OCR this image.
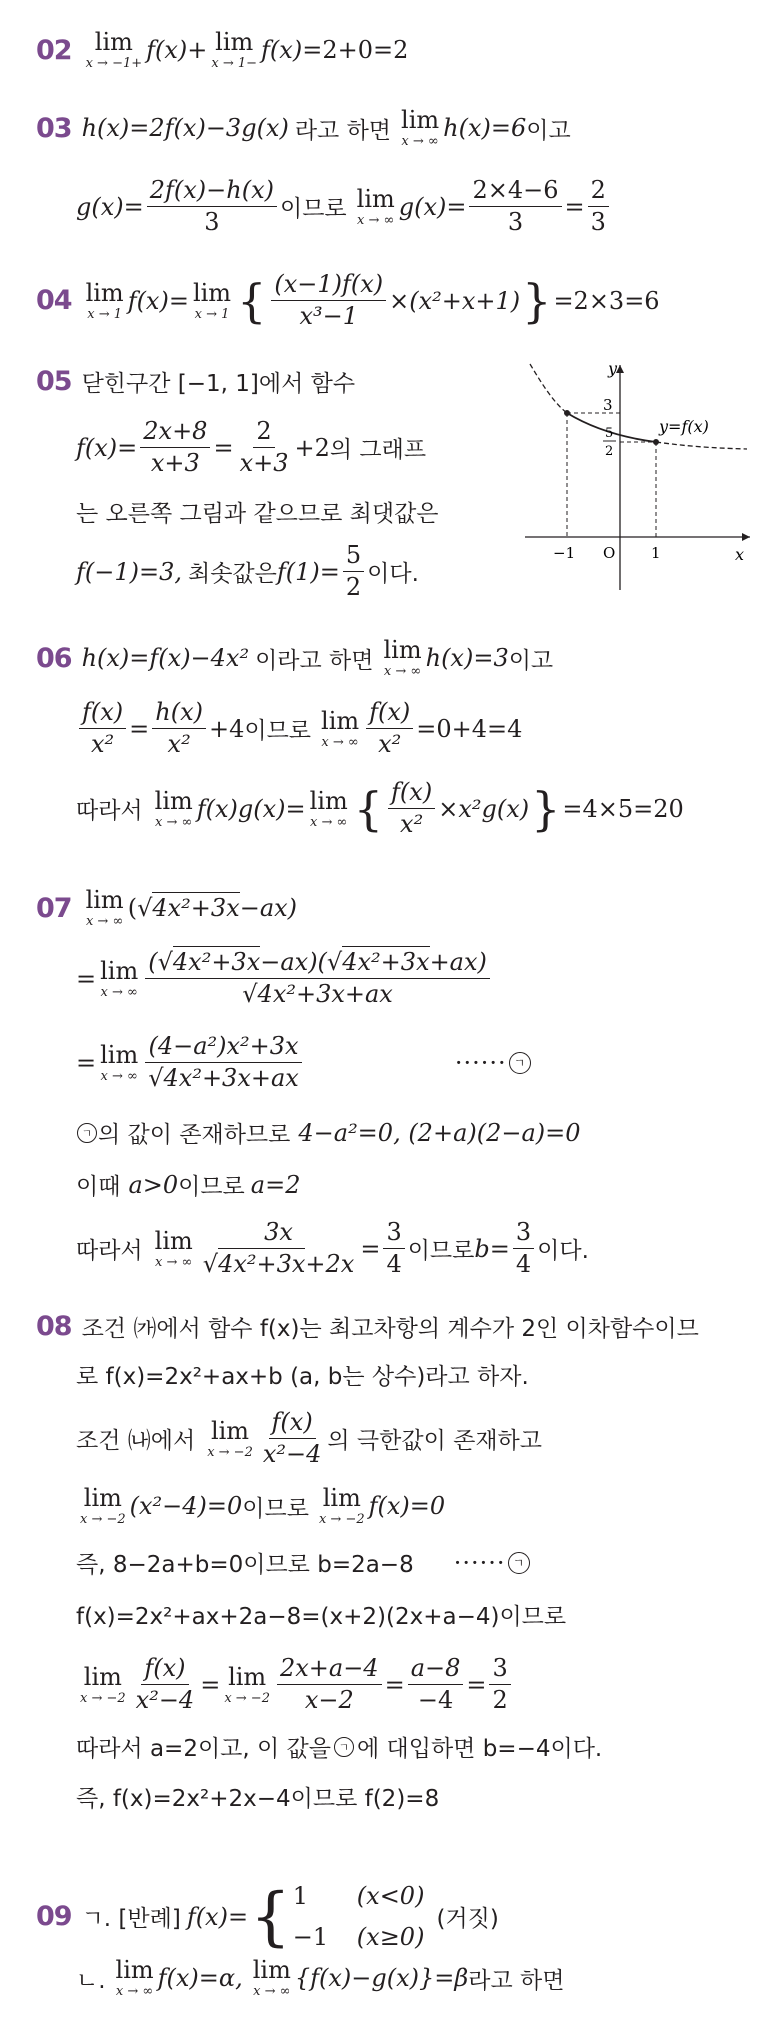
02 lim
x → −1+ f(x) + lim
x → 1− f(x) =2+0=2
03 h(x)=2f(x)−3g(x) 라고 하면 lim
x → ∞ h(x)=6 이고
$g(x)= \frac{2f(x)-h(x)}{3}$ 이므로 lim
x → ∞ $g(x)= \frac{2\times 4-6}{3} = \frac{2}{3}$
04 lim
x → 1 f(x)= lim
x → 1 { $\frac{(x-1)f(x)}{\text{x³−1}} \times(x^2+x+1)$ } =2×3=6
05 닫힌구간 [−1, 1]에서 함수
$f(x)= \frac{2x+8}{x+3} = \frac{2}{x+3} +2$ 의 그래프
는 오른쪽 그림과 같으므로 최댓값은
f(−1)=3, 최솟값은 $f(1)= \frac{5}{2}$ 이다.
y
x
3
5
2
y=f(x)
−1 O 1
06 h(x)=f(x)−4x² 이라고 하면 lim
x → ∞ h(x)=3 이고
$\frac{f(x)}{\text{x²}} = \frac{h(x)}{\text{x²}} +4$ 이므로 lim
x → ∞ $\frac{f(x)}{\text{x²}} =0+4=4$
따라서 lim
x → ∞ f(x)g(x)= lim
x → ∞ { $\frac{f(x)}{\text{x²}} \times x^2g(x)$ } =4×5=20
07 lim
x → ∞ ( √4x²+3x −ax)
= lim
x → ∞ $\frac{\text{(√4x²+3x−ax)(√4x²+3x+ax)}}{\text{√4x²+3x+ax}}$
= lim
x → ∞ $\frac{\text{(4−a²)x²+3x}}{\text{√4x²+3x+ax}}$	······ ㄱ
ㄱ 의 값이 존재하므로 4−a²=0, (2+a)(2−a)=0
이때 a>0 이므로 a=2
따라서 lim
x → ∞ $\frac{3x}{\text{√4x²+3x+2x}} = \frac{3}{4}$ 이므로 $b= \frac{3}{4}$ 이다.
08 조건 ㈎에서 함수 f(x)는 최고차항의 계수가 2인 이차함수이므
로 f(x)=2x²+ax+b (a, b는 상수)라고 하자.
조건 ㈏에서 lim
$x \to -2 \frac{f(x)}{\text{x²−4}}$ 의 극한값이 존재하고
lim
x → −2 (x²−4)=0 이므로 lim
x → −2 f(x)=0
즉, 8−2a+b=0이므로 b=2a−8 ······ ㄱ
f(x)=2x²+ax+2a−8=(x+2)(2x+a−4)이므로
lim
$x \to -2 \frac{f(x)}{\text{x²−4}} = \lim$
$x \to -2 \frac{2x+a-4}{x-2} = \frac{a-8}{-4} = \frac{3}{2}$
따라서 a=2이고, 이 값을 ㄱ 에 대입하면 b=−4이다.
즉, f(x)=2x²+2x−4이므로 f(2)=8
09 ㄱ. [반례] f(x)= { 1	(x<0)
−1 (x≥0)
(거짓)
ㄴ. lim
x → ∞ f(x)=α, lim
x → ∞ {f(x)−g(x)}=β 라고 하면
